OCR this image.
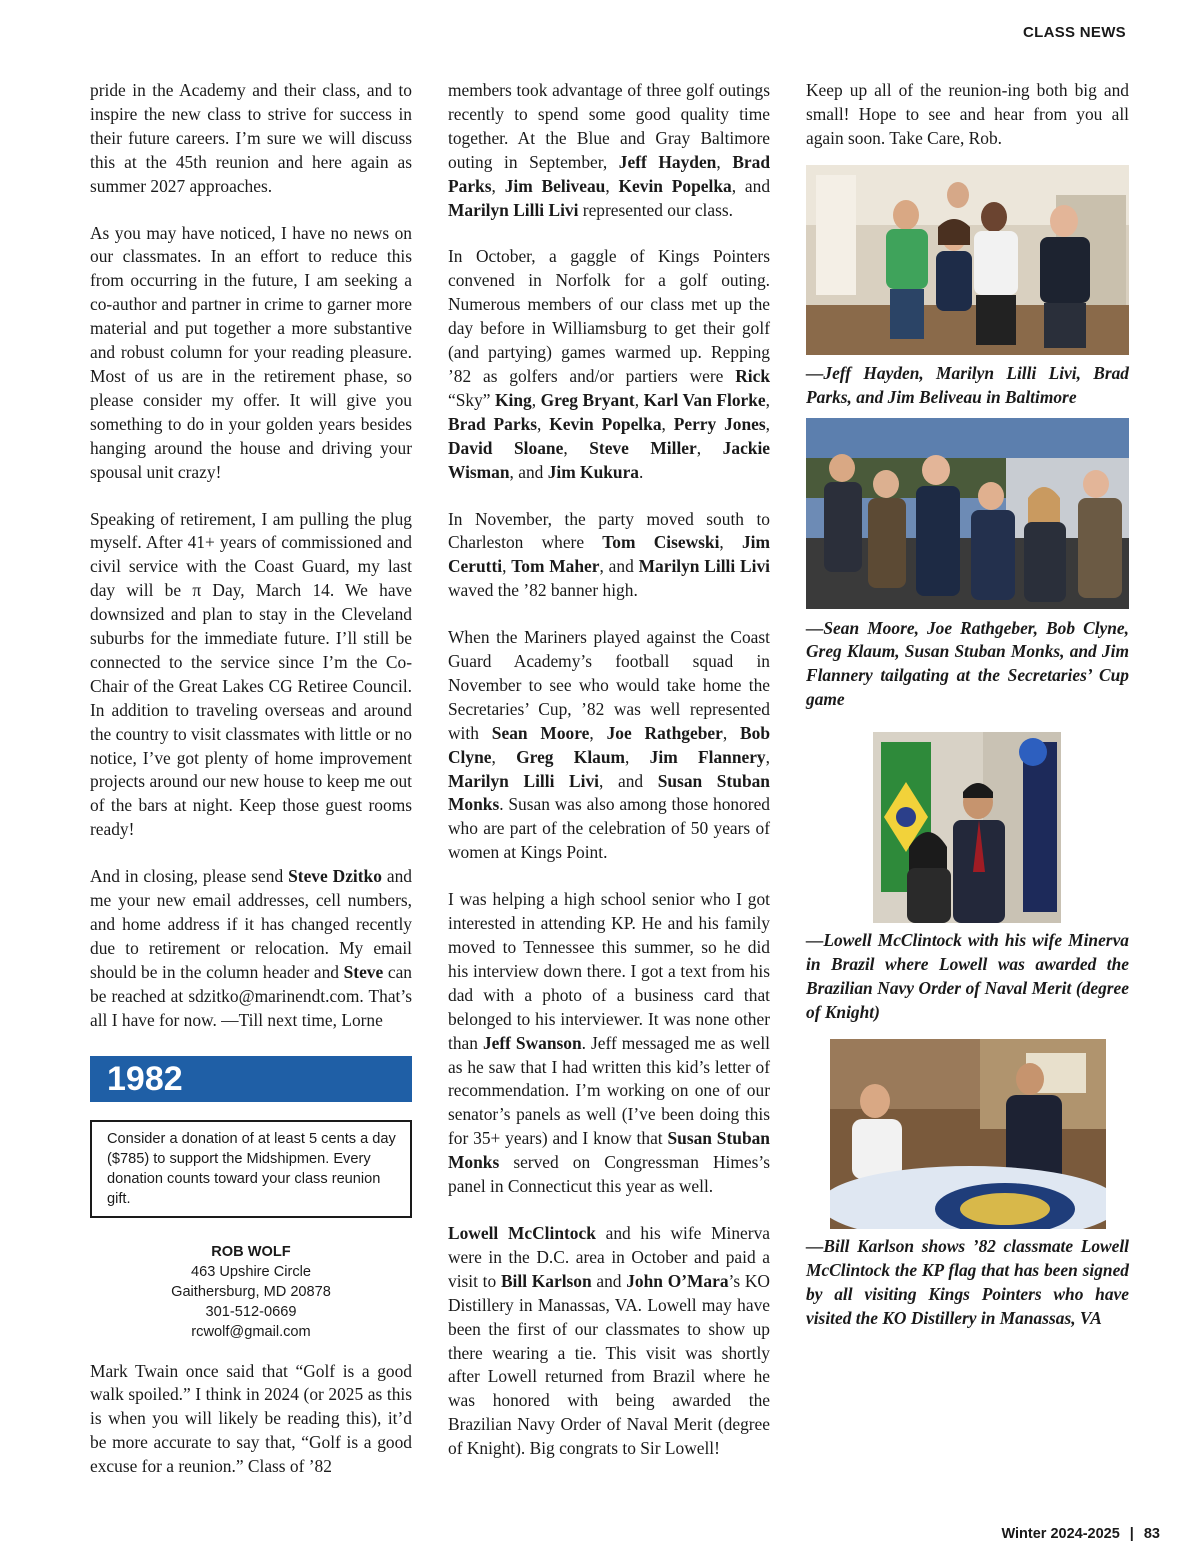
CLASS NEWS

pride in the Academy and their class, and to inspire the new class to strive for success in their future careers. I’m sure we will discuss this at the 45th reunion and here again as summer 2027 approaches.

As you may have noticed, I have no news on our classmates. In an effort to reduce this from occurring in the future, I am seeking a co-author and partner in crime to garner more material and put together a more substantive and robust column for your reading pleasure. Most of us are in the retirement phase, so please consider my offer. It will give you something to do in your golden years besides hanging around the house and driving your spousal unit crazy!

Speaking of retirement, I am pulling the plug myself. After 41+ years of commissioned and civil service with the Coast Guard, my last day will be π Day, March 14. We have downsized and plan to stay in the Cleveland suburbs for the immediate future. I’ll still be connected to the service since I’m the Co-Chair of the Great Lakes CG Retiree Council. In addition to traveling overseas and around the country to visit classmates with little or no notice, I’ve got plenty of home improvement projects around our new house to keep me out of the bars at night. Keep those guest rooms ready!

And in closing, please send Steve Dzitko and me your new email addresses, cell numbers, and home address if it has changed recently due to retirement or relocation. My email should be in the column header and Steve can be reached at sdzitko@marinendt.com. That’s all I have for now. —Till next time, Lorne

1982
Consider a donation of at least 5 cents a day ($785) to support the Midshipmen. Every donation counts toward your class reunion gift.
ROB WOLF
463 Upshire Circle
Gaithersburg, MD 20878
301-512-0669
rcwolf@gmail.com

Mark Twain once said that “Golf is a good walk spoiled.” I think in 2024 (or 2025 as this is when you will likely be reading this), it’d be more accurate to say that, “Golf is a good excuse for a reunion.” Class of ’82

members took advantage of three golf outings recently to spend some good quality time together. At the Blue and Gray Baltimore outing in September, Jeff Hayden, Brad Parks, Jim Beliveau, Kevin Popelka, and Marilyn Lilli Livi represented our class.

In October, a gaggle of Kings Pointers convened in Norfolk for a golf outing. Numerous members of our class met up the day before in Williamsburg to get their golf (and partying) games warmed up. Repping ’82 as golfers and/or partiers were Rick “Sky” King, Greg Bryant, Karl Van Florke, Brad Parks, Kevin Popelka, Perry Jones, David Sloane, Steve Miller, Jackie Wisman, and Jim Kukura.

In November, the party moved south to Charleston where Tom Cisewski, Jim Cerutti, Tom Maher, and Marilyn Lilli Livi waved the ’82 banner high.

When the Mariners played against the Coast Guard Academy’s football squad in November to see who would take home the Secretaries’ Cup, ’82 was well represented with Sean Moore, Joe Rathgeber, Bob Clyne, Greg Klaum, Jim Flannery, Marilyn Lilli Livi, and Susan Stuban Monks. Susan was also among those honored who are part of the celebration of 50 years of women at Kings Point.

I was helping a high school senior who I got interested in attending KP. He and his family moved to Tennessee this summer, so he did his interview down there. I got a text from his dad with a photo of a business card that belonged to his interviewer. It was none other than Jeff Swanson. Jeff messaged me as well as he saw that I had written this kid’s letter of recommendation. I’m working on one of our senator’s panels as well (I’ve been doing this for 35+ years) and I know that Susan Stuban Monks served on Congressman Himes’s panel in Connecticut this year as well.

Lowell McClintock and his wife Minerva were in the D.C. area in October and paid a visit to Bill Karlson and John O’Mara’s KO Distillery in Manassas, VA. Lowell may have been the first of our classmates to show up there wearing a tie. This visit was shortly after Lowell returned from Brazil where he was honored with being awarded the Brazilian Navy Order of Naval Merit (degree of Knight). Big congrats to Sir Lowell!

Keep up all of the reunion-ing both big and small! Hope to see and hear from you all again soon. Take Care, Rob.

—Jeff Hayden, Marilyn Lilli Livi, Brad Parks, and Jim Beliveau in Baltimore

—Sean Moore, Joe Rathgeber, Bob Clyne, Greg Klaum, Susan Stuban Monks, and Jim Flannery tailgating at the Secretaries’ Cup game

—Lowell McClintock with his wife Minerva in Brazil where Lowell was awarded the Brazilian Navy Order of Naval Merit (degree of Knight)

—Bill Karlson shows ’82 classmate Lowell McClintock the KP flag that has been signed by all visiting Kings Pointers who have visited the KO Distillery in Manassas, VA

Winter 2024-2025 | 83
